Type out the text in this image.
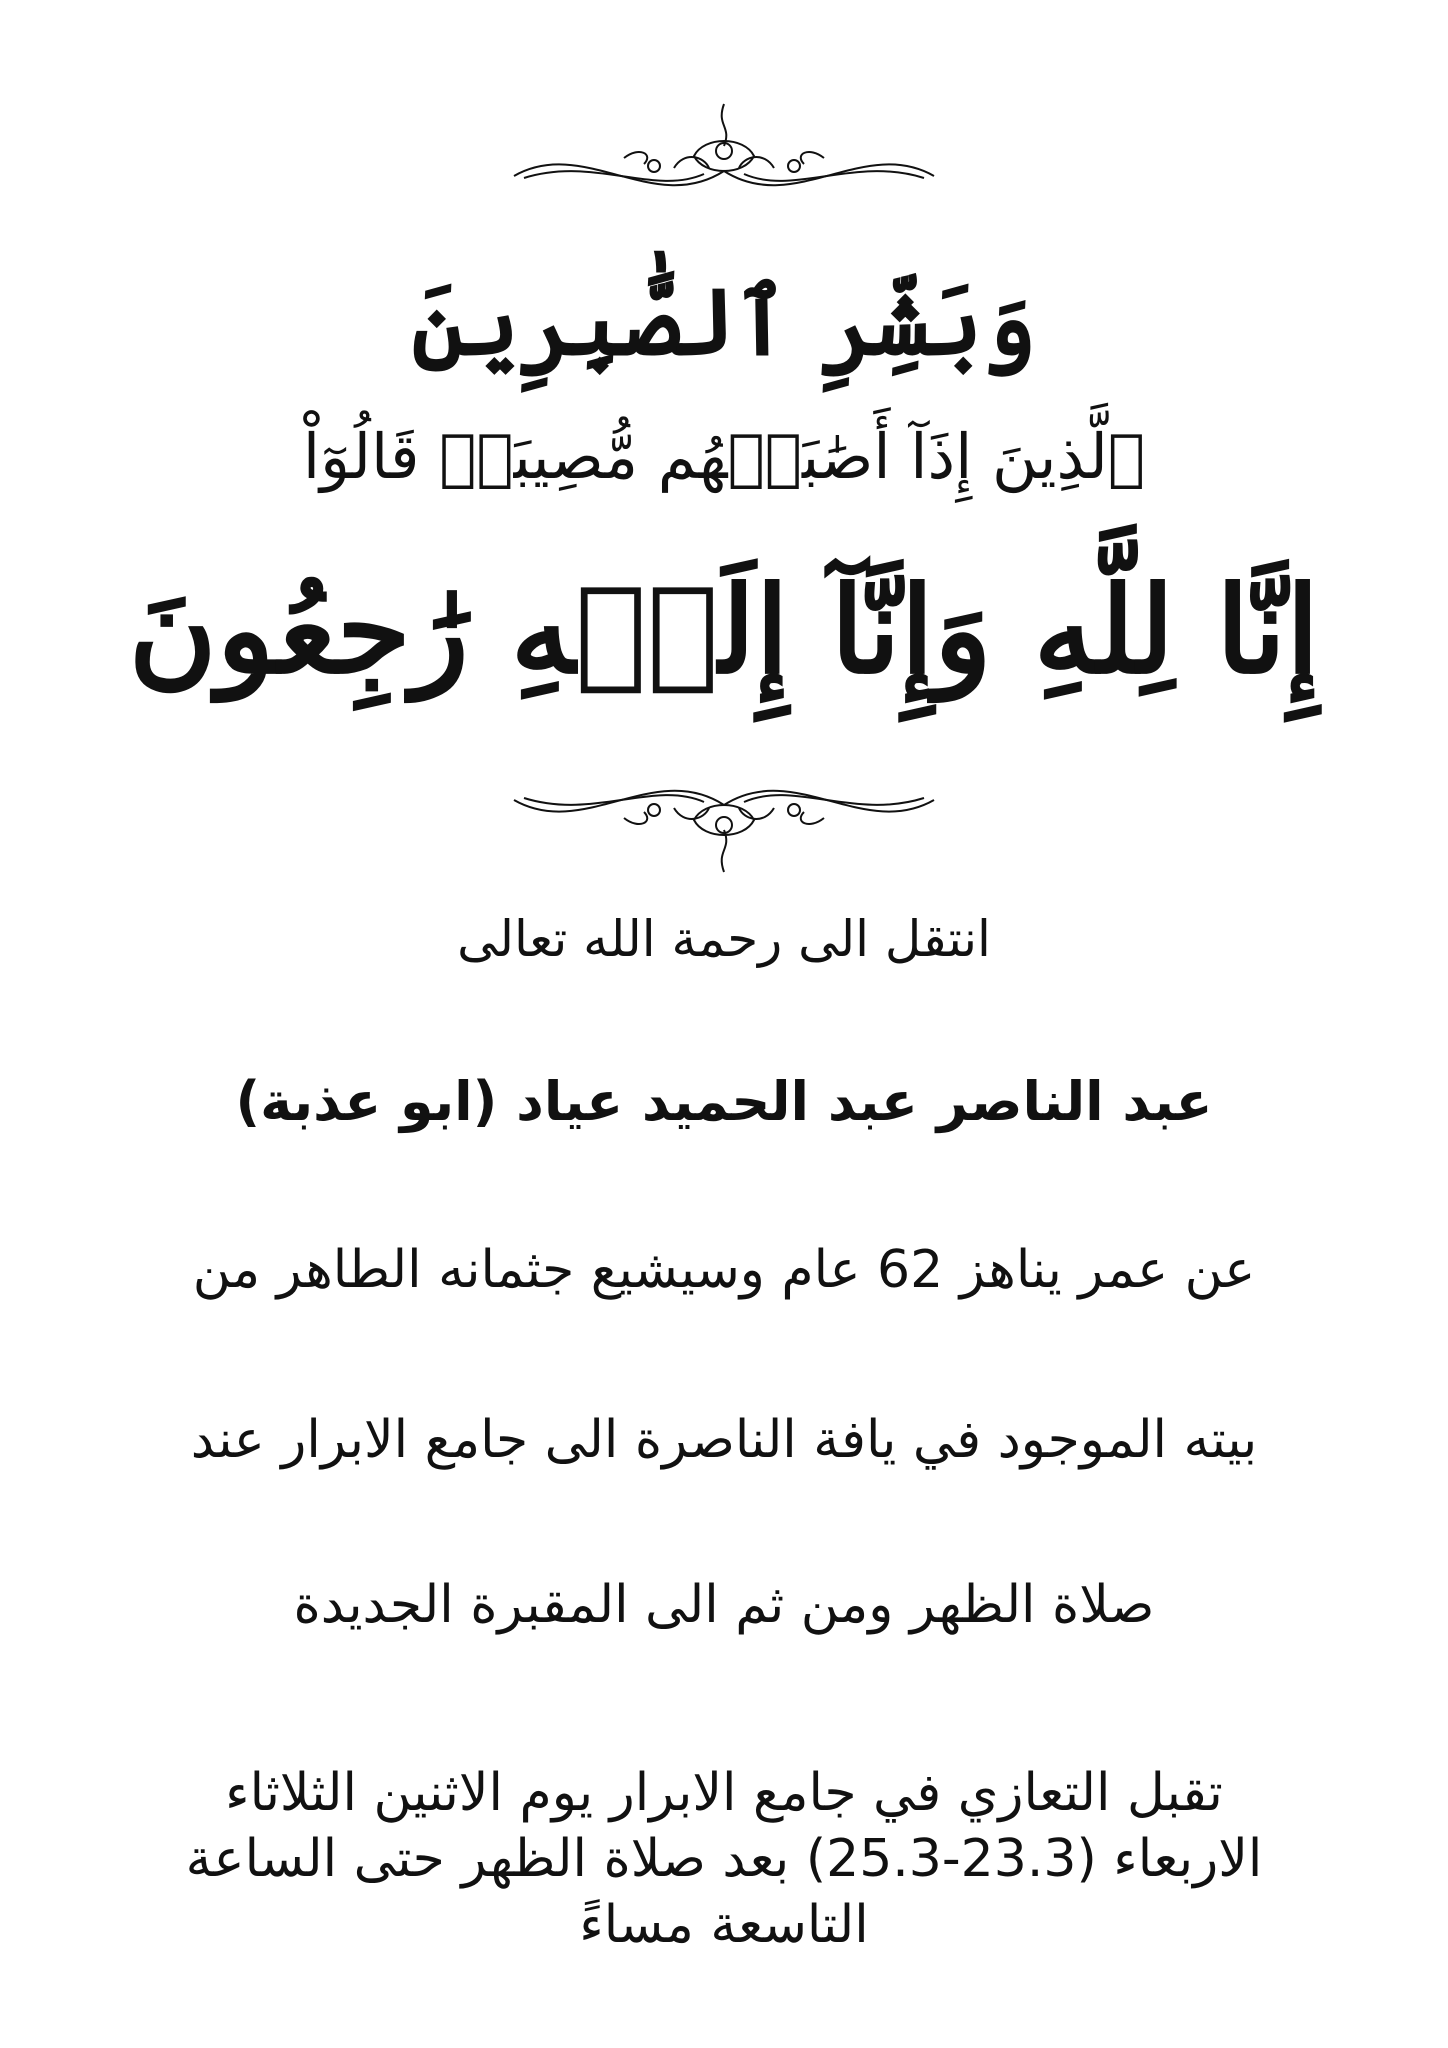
وَبَشِّرِ ٱلصَّٰبِرِينَ
ٱلَّذِينَ إِذَآ أَصَٰبَتۡهُم مُّصِيبَةٞ قَالُوٓاْ
إِنَّا لِلَّهِ وَإِنَّآ إِلَيۡهِ رَٰجِعُونَ
انتقل الى رحمة الله تعالى
عبد الناصر عبد الحميد عياد (ابو عذبة)
عن عمر يناهز 62 عام وسيشيع جثمانه الطاهر من
بيته الموجود في يافة الناصرة الى جامع الابرار عند
صلاة الظهر ومن ثم الى المقبرة الجديدة
تقبل التعازي في جامع الابرار يوم الاثنين الثلاثاء
الاربعاء (23.3-25.3) بعد صلاة الظهر حتى الساعة
التاسعة مساءً
